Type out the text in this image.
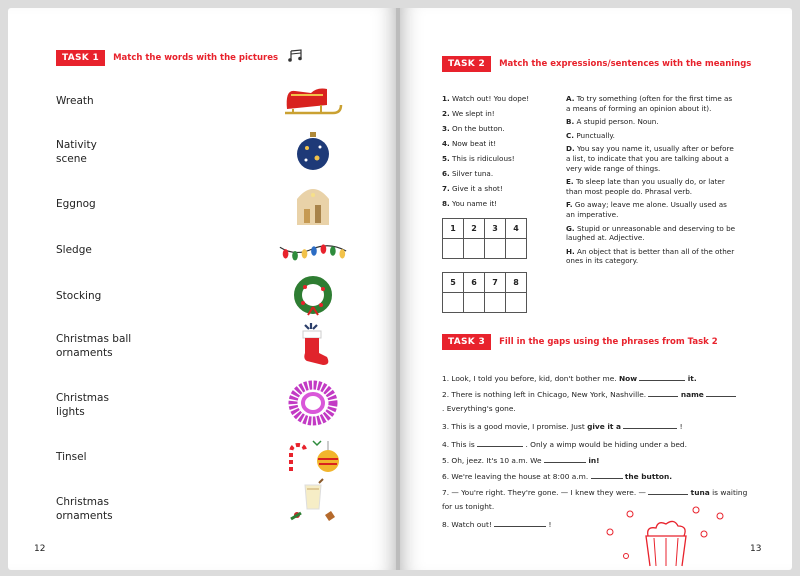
TASK 1	Match the words with the pictures
Wreath
Nativity scene
Eggnog
Sledge
Stocking
Christmas ball ornaments
Christmas lights
Tinsel
Christmas ornaments
12
TASK 2	Match the expressions/sentences with the meanings
1. Watch out! You dope!
2. We slept in!
3. On the button.
4. Now beat it!
5. This is ridiculous!
6. Silver tuna.
7. Give it a shot!
8. You name it!
1	2	3	4

5	6	7	8

A. To try something (often for the first time as
a means of forming an opinion about it).
B. A stupid person. Noun.
C. Punctually.
D. You say you name it, usually after or before
a list, to indicate that you are talking about a
very wide range of things.
E. To sleep late than you usually do, or later
than most people do. Phrasal verb.
F. Go away; leave me alone. Usually used as
an imperative.
G. Stupid or unreasonable and deserving to be
laughed at. Adjective.
H. An object that is better than all of the other
ones in its category.
TASK 3	Fill in the gaps using the phrases from Task 2
1. Look, I told you before, kid, don't bother me. Now	it.
2. There is nothing left in Chicago, New York, Nashville.	name
. Everything's gone.
3. This is a good movie, I promise. Just give it a	!
4. This is	. Only a wimp would be hiding under a bed.
5. Oh, jeez. It's 10 a.m. We	in!
6. We're leaving the house at 8:00 a.m.	the button.
7. — You're right. They're gone. — I knew they were. —	tuna is waiting
for us tonight.
8. Watch out!	!
13
